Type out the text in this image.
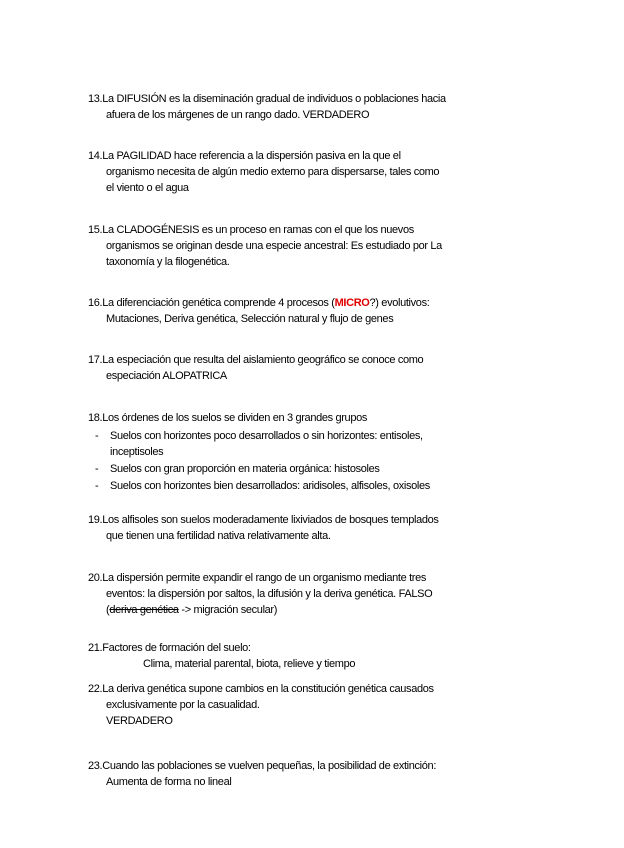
13.La DIFUSIÓN es la diseminación gradual de individuos o poblaciones hacia
afuera de los márgenes de un rango dado. VERDADERO
14.La PAGILIDAD hace referencia a la dispersión pasiva en la que el
organismo necesita de algún medio externo para dispersarse, tales como
el viento o el agua
15.La CLADOGÉNESIS es un proceso en ramas con el que los nuevos
organismos se originan desde una especie ancestral: Es estudiado por La
taxonomía y la filogenética.
16.La diferenciación genética comprende 4 procesos (MICRO?) evolutivos:
Mutaciones, Deriva genética, Selección natural y flujo de genes
17.La especiación que resulta del aislamiento geográfico se conoce como
especiación ALOPATRICA
18.Los órdenes de los suelos se dividen en 3 grandes grupos
- Suelos con horizontes poco desarrollados o sin horizontes: entisoles,
inceptisoles
- Suelos con gran proporción en materia orgánica: histosoles
- Suelos con horizontes bien desarrollados: aridisoles, alfisoles, oxisoles
19.Los alfisoles son suelos moderadamente lixiviados de bosques templados
que tienen una fertilidad nativa relativamente alta.
20.La dispersión permite expandir el rango de un organismo mediante tres
eventos: la dispersión por saltos, la difusión y la deriva genética. FALSO
(deriva genética -> migración secular)
21.Factores de formación del suelo:
Clima, material parental, biota, relieve y tiempo
22.La deriva genética supone cambios en la constitución genética causados
exclusivamente por la casualidad.
VERDADERO
23.Cuando las poblaciones se vuelven pequeñas, la posibilidad de extinción:
Aumenta de forma no lineal
